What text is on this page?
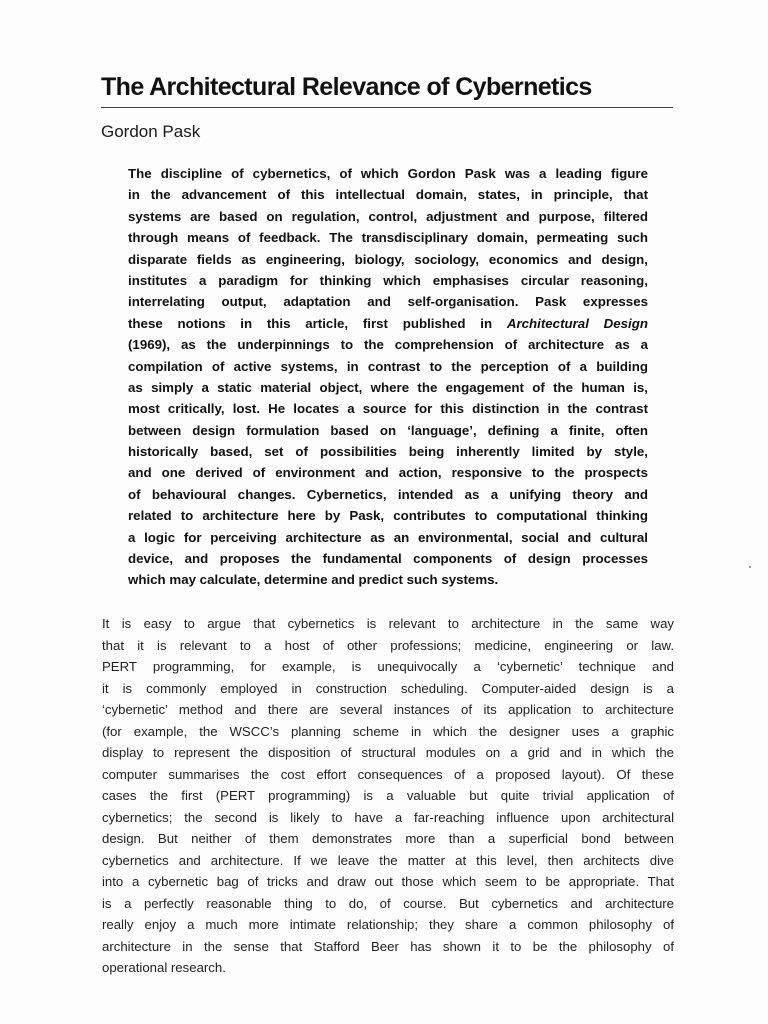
The Architectural Relevance of Cybernetics
Gordon Pask
The discipline of cybernetics, of which Gordon Pask was a leading figure
in the advancement of this intellectual domain, states, in principle, that
systems are based on regulation, control, adjustment and purpose, filtered
through means of feedback. The transdisciplinary domain, permeating such
disparate fields as engineering, biology, sociology, economics and design,
institutes a paradigm for thinking which emphasises circular reasoning,
interrelating output, adaptation and self-organisation. Pask expresses
these notions in this article, first published in Architectural Design
(1969), as the underpinnings to the comprehension of architecture as a
compilation of active systems, in contrast to the perception of a building
as simply a static material object, where the engagement of the human is,
most critically, lost. He locates a source for this distinction in the contrast
between design formulation based on ‘language’, defining a finite, often
historically based, set of possibilities being inherently limited by style,
and one derived of environment and action, responsive to the prospects
of behavioural changes. Cybernetics, intended as a unifying theory and
related to architecture here by Pask, contributes to computational thinking
a logic for perceiving architecture as an environmental, social and cultural
device, and proposes the fundamental components of design processes
which may calculate, determine and predict such systems.
It is easy to argue that cybernetics is relevant to architecture in the same way
that it is relevant to a host of other professions; medicine, engineering or law.
PERT programming, for example, is unequivocally a ‘cybernetic’ technique and
it is commonly employed in construction scheduling. Computer-aided design is a
‘cybernetic’ method and there are several instances of its application to architecture
(for example, the WSCC’s planning scheme in which the designer uses a graphic
display to represent the disposition of structural modules on a grid and in which the
computer summarises the cost effort consequences of a proposed layout). Of these
cases the first (PERT programming) is a valuable but quite trivial application of
cybernetics; the second is likely to have a far-reaching influence upon architectural
design. But neither of them demonstrates more than a superficial bond between
cybernetics and architecture. If we leave the matter at this level, then architects dive
into a cybernetic bag of tricks and draw out those which seem to be appropriate. That
is a perfectly reasonable thing to do, of course. But cybernetics and architecture
really enjoy a much more intimate relationship; they share a common philosophy of
architecture in the sense that Stafford Beer has shown it to be the philosophy of
operational research.
